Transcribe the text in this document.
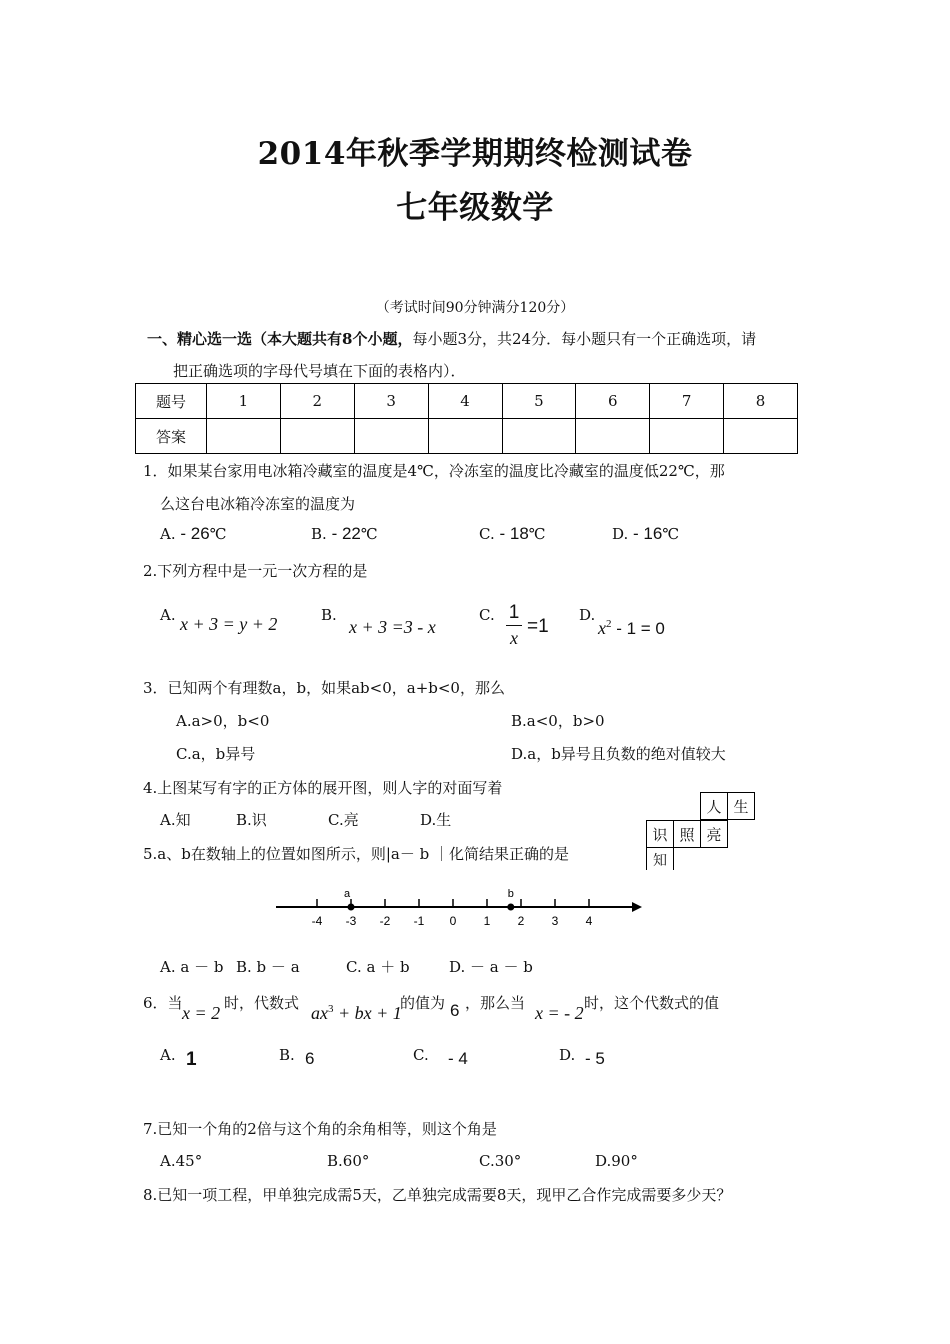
2014年秋季学期期终检测试卷
七年级数学
（考试时间90分钟满分120分）
一、精心选一选（本大题共有8个小题，每小题3分，共24分．每小题只有一个正确选项，请
把正确选项的字母代号填在下面的表格内）．
题号	1	2	3	4	5	6	7	8
答案								
1．如果某台家用电冰箱冷藏室的温度是4℃，冷冻室的温度比冷藏室的温度低22℃，那
么这台电冰箱冷冻室的温度为
A. - 26℃	B. - 22℃	C. - 18℃	D. - 16℃
2.下列方程中是一元一次方程的是
A. x + 3 = y + 2	B.
x + 3 =3 - x
C. 1
x
=1
D.
$x^2 - 1 = 0$
3．已知两个有理数a，b，如果ab<0，a+b<0，那么
A.a>0，b<0	B.a<0，b>0
C.a，b异号	D.a，b异号且负数的绝对值较大
4.上图某写有字的正方体的展开图，则人字的对面写着
A.知	B.识	C.亮	D.生
人	生
识	照	亮
知
5.a、b在数轴上的位置如图所示，则|a－ b ｜化简结果正确的是
-4 -3 -2 -1 0 1 2 3 4
a	b
A. a － b B. b － a	C. a ＋ b	D. － a － b
6．当 x = 2 时，代数式 $ax^3$ + bx + 1
的值为 6 ，那么当 x = - 2 时，这个代数式的值
A. 1	B. 6	C. - 4	D. - 5
7.已知一个角的2倍与这个角的余角相等，则这个角是
A.45°	B.60°	C.30°	D.90°
8.已知一项工程，甲单独完成需5天，乙单独完成需要8天，现甲乙合作完成需要多少天？
